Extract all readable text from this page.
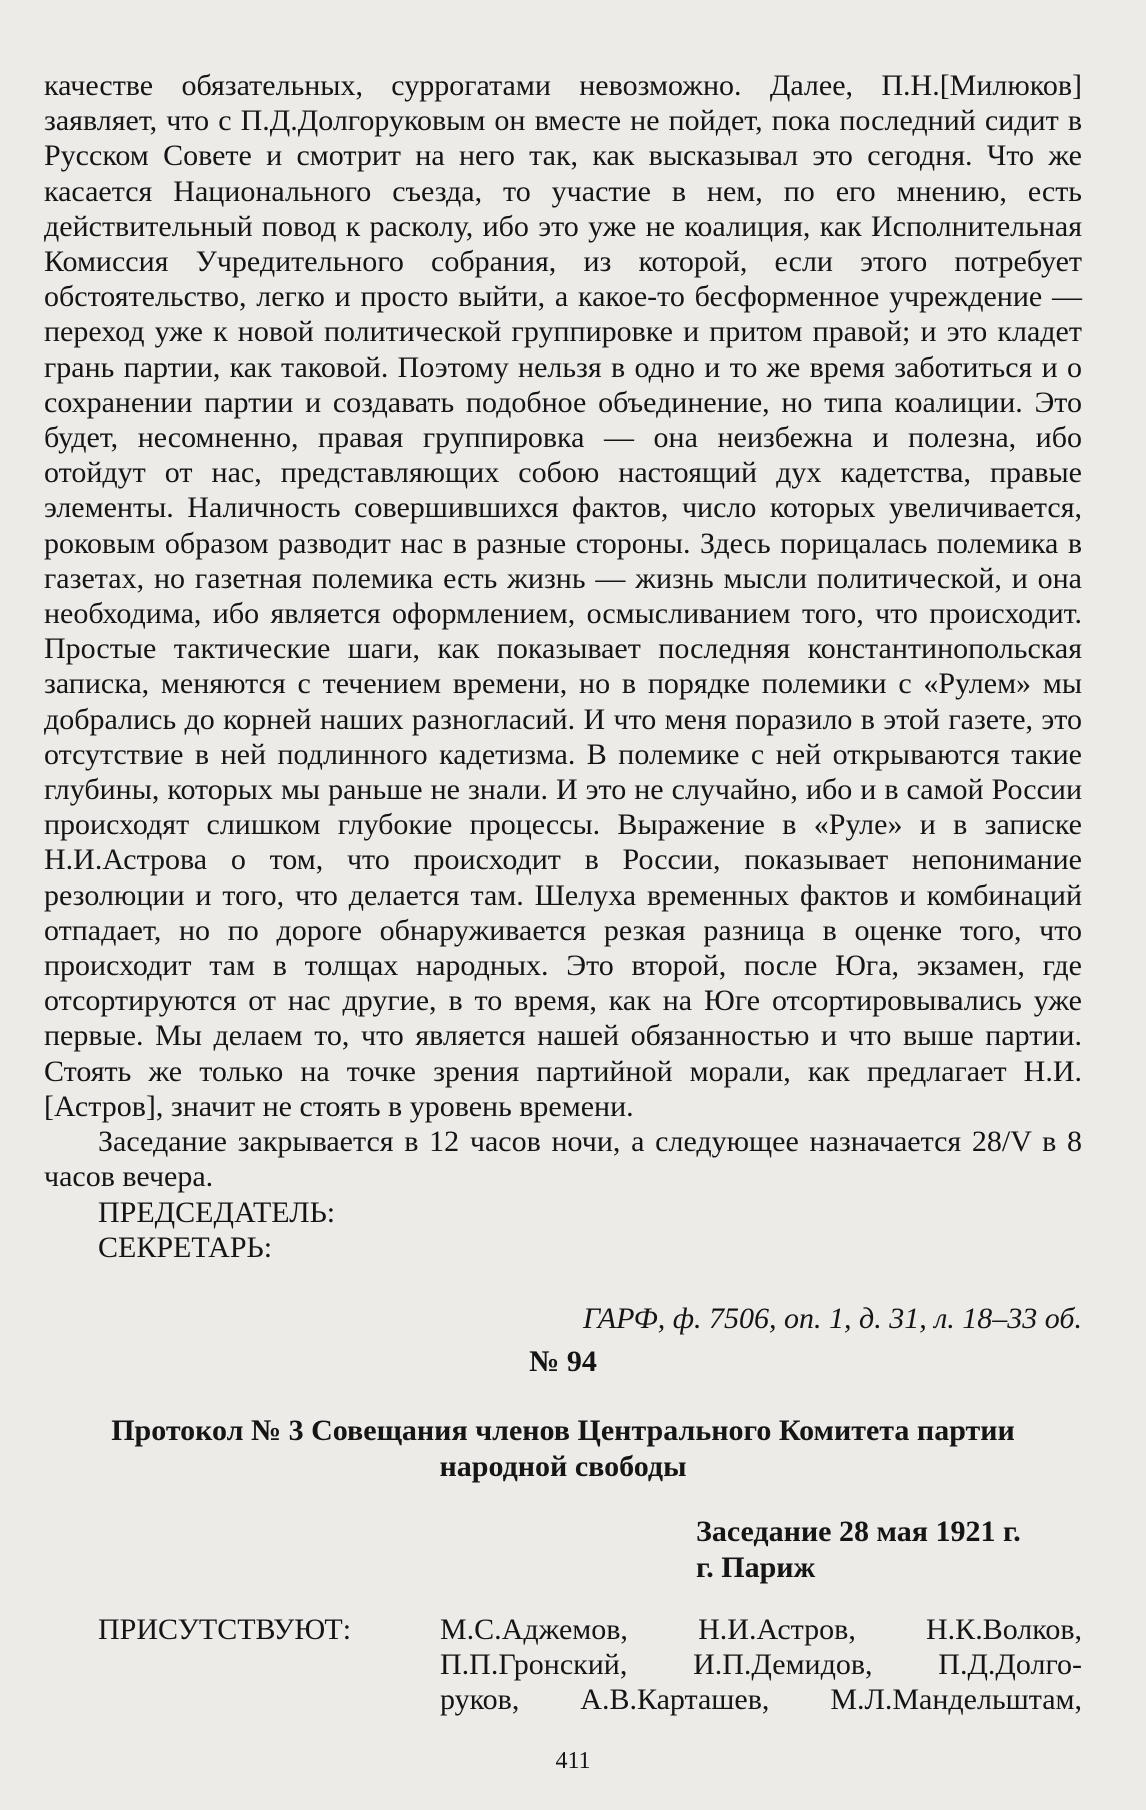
качестве обязательных, суррогатами невозможно. Далее, П.Н.[Милюков] заявляет, что с П.Д.Долгоруковым он вместе не пойдет, пока последний сидит в Русском Совете и смотрит на него так, как высказывал это сегодня. Что же касается Национального съезда, то участие в нем, по его мнению, есть действительный повод к расколу, ибо это уже не коалиция, как Исполнительная Комиссия Учредительного собрания, из которой, если этого потребует обстоятельство, легко и просто выйти, а какое-то бесформенное учреждение — переход уже к новой политической группировке и притом правой; и это кладет грань партии, как таковой. Поэтому нельзя в одно и то же время заботиться и о сохранении партии и создавать подобное объединение, но типа коалиции. Это будет, несомненно, правая группировка — она неизбежна и полезна, ибо отойдут от нас, представляющих собою настоящий дух кадетства, правые элементы. Наличность совершившихся фактов, число которых увеличивается, роковым образом разводит нас в разные стороны. Здесь порицалась полемика в газетах, но газетная полемика есть жизнь — жизнь мысли политической, и она необходима, ибо является оформлением, осмысливанием того, что происходит. Простые тактические шаги, как показывает последняя константинопольская записка, меняются с течением времени, но в порядке полемики с «Рулем» мы добрались до корней наших разногласий. И что меня поразило в этой газете, это отсутствие в ней подлинного кадетизма. В полемике с ней открываются такие глубины, которых мы раньше не знали. И это не случайно, ибо и в самой России происходят слишком глубокие процессы. Выражение в «Руле» и в записке Н.И.Астрова о том, что происходит в России, показывает непонимание резолюции и того, что делается там. Шелуха временных фактов и комбинаций отпадает, но по дороге обнаруживается резкая разница в оценке того, что происходит там в толщах народных. Это второй, после Юга, экзамен, где отсортируются от нас другие, в то время, как на Юге отсортировывались уже первые. Мы делаем то, что является нашей обязанностью и что выше партии. Стоять же только на точке зрения партийной морали, как предлагает Н.И.[Астров], значит не стоять в уровень времени.

Заседание закрывается в 12 часов ночи, а следующее назначается 28/V в 8 часов вечера.

ПРЕДСЕДАТЕЛЬ:
СЕКРЕТАРЬ:
ГАРФ, ф. 7506, оп. 1, д. 31, л. 18–33 об.
№ 94
Протокол № 3 Совещания членов Центрального Комитета партии народной свободы
Заседание 28 мая 1921 г.
г. Париж
ПРИСУТСТВУЮТ:	М.С.Аджемов, Н.И.Астров, Н.К.Волков,
П.П.Гронский, И.П.Демидов, П.Д.Долго-
руков, А.В.Карташев, М.Л.Мандельштам,
411
